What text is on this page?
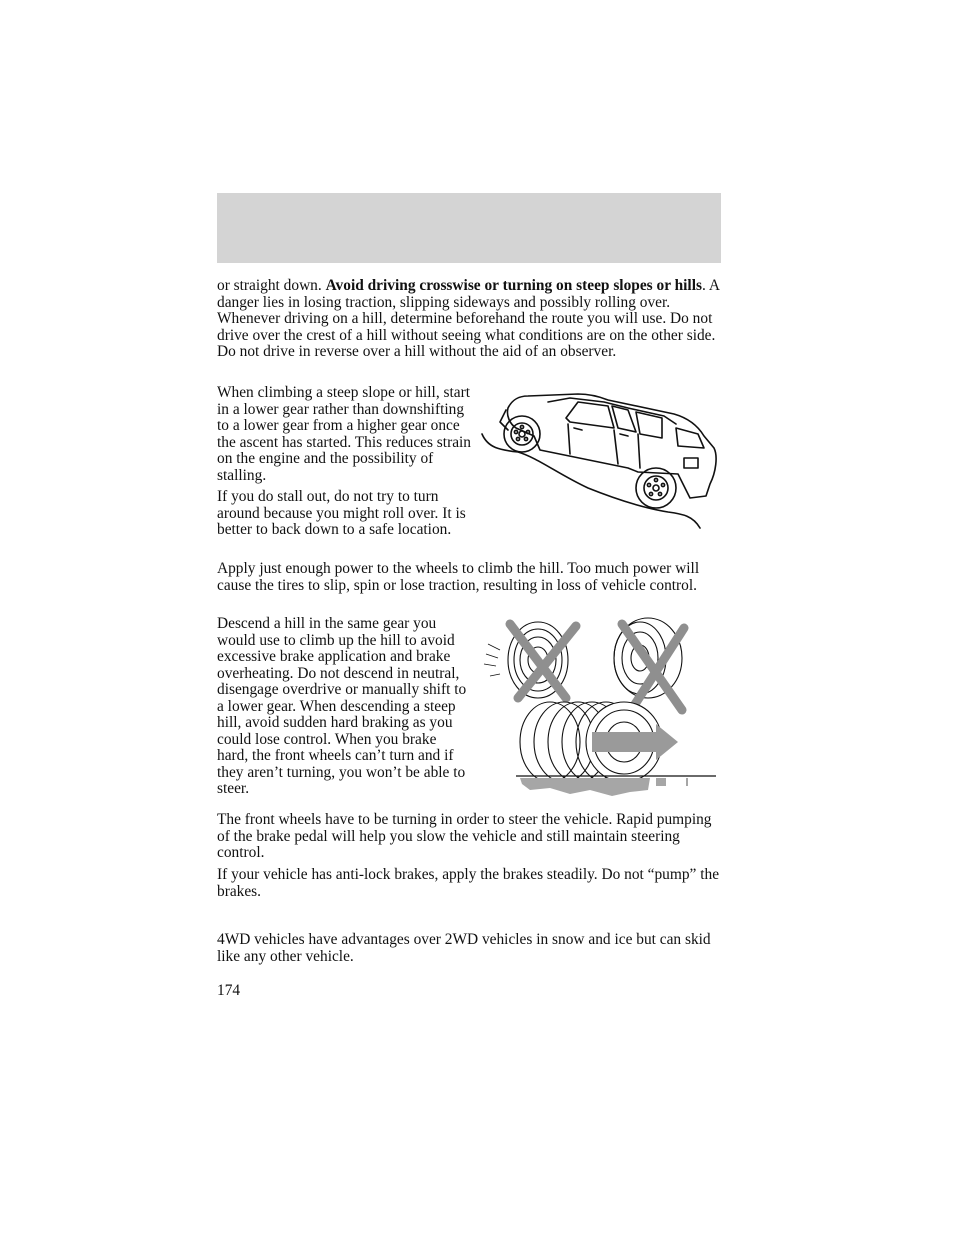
or straight down. Avoid driving crosswise or turning on steep slopes or hills. A danger lies in losing traction, slipping sideways and possibly rolling over. Whenever driving on a hill, determine beforehand the route you will use. Do not drive over the crest of a hill without seeing what conditions are on the other side. Do not drive in reverse over a hill without the aid of an observer.
When climbing a steep slope or hill, start in a lower gear rather than downshifting to a lower gear from a higher gear once the ascent has started. This reduces strain on the engine and the possibility of stalling.
If you do stall out, do not try to turn around because you might roll over. It is better to back down to a safe location.
Apply just enough power to the wheels to climb the hill. Too much power will cause the tires to slip, spin or lose traction, resulting in loss of vehicle control.
Descend a hill in the same gear you would use to climb up the hill to avoid excessive brake application and brake overheating. Do not descend in neutral, disengage overdrive or manually shift to a lower gear. When descending a steep hill, avoid sudden hard braking as you could lose control. When you brake hard, the front wheels can’t turn and if they aren’t turning, you won’t be able to steer.
The front wheels have to be turning in order to steer the vehicle. Rapid pumping of the brake pedal will help you slow the vehicle and still maintain steering control.
If your vehicle has anti-lock brakes, apply the brakes steadily. Do not “pump” the brakes.
4WD vehicles have advantages over 2WD vehicles in snow and ice but can skid like any other vehicle.
174
